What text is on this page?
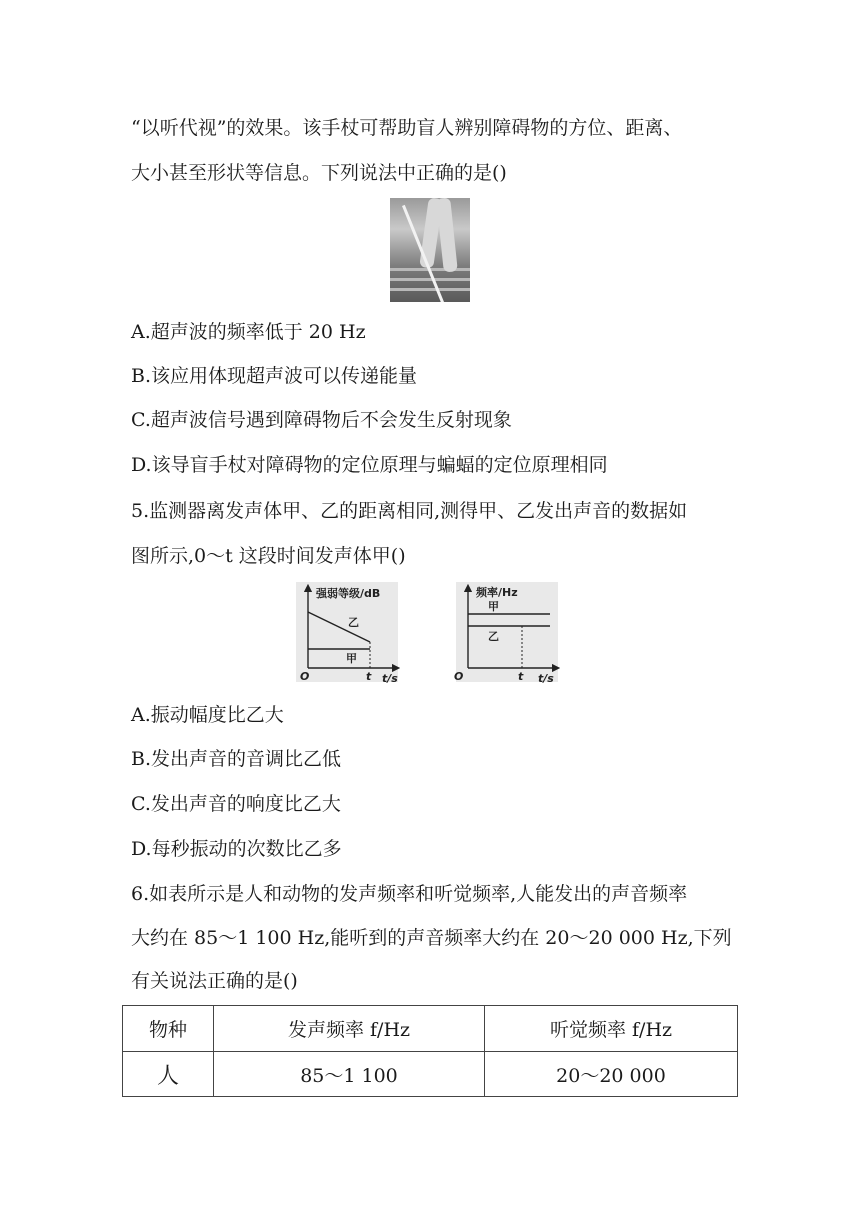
“以听代视”的效果。该手杖可帮助盲人辨别障碍物的方位、距离、
大小甚至形状等信息。下列说法中正确的是()
A.超声波的频率低于 20 Hz
B.该应用体现超声波可以传递能量
C.超声波信号遇到障碍物后不会发生反射现象
D.该导盲手杖对障碍物的定位原理与蝙蝠的定位原理相同
5.监测器离发声体甲、乙的距离相同,测得甲、乙发出声音的数据如
图所示,0～t 这段时间发声体甲()
强弱等级/dB
乙
甲
O	t t/s
频率/Hz
甲
乙
O	t t/s
A.振动幅度比乙大
B.发出声音的音调比乙低
C.发出声音的响度比乙大
D.每秒振动的次数比乙多
6.如表所示是人和动物的发声频率和听觉频率,人能发出的声音频率
大约在 85～1 100 Hz,能听到的声音频率大约在 20～20 000 Hz,下列
有关说法正确的是()
物种	发声频率 f/Hz	听觉频率 f/Hz
人	85～1 100	20～20 000
